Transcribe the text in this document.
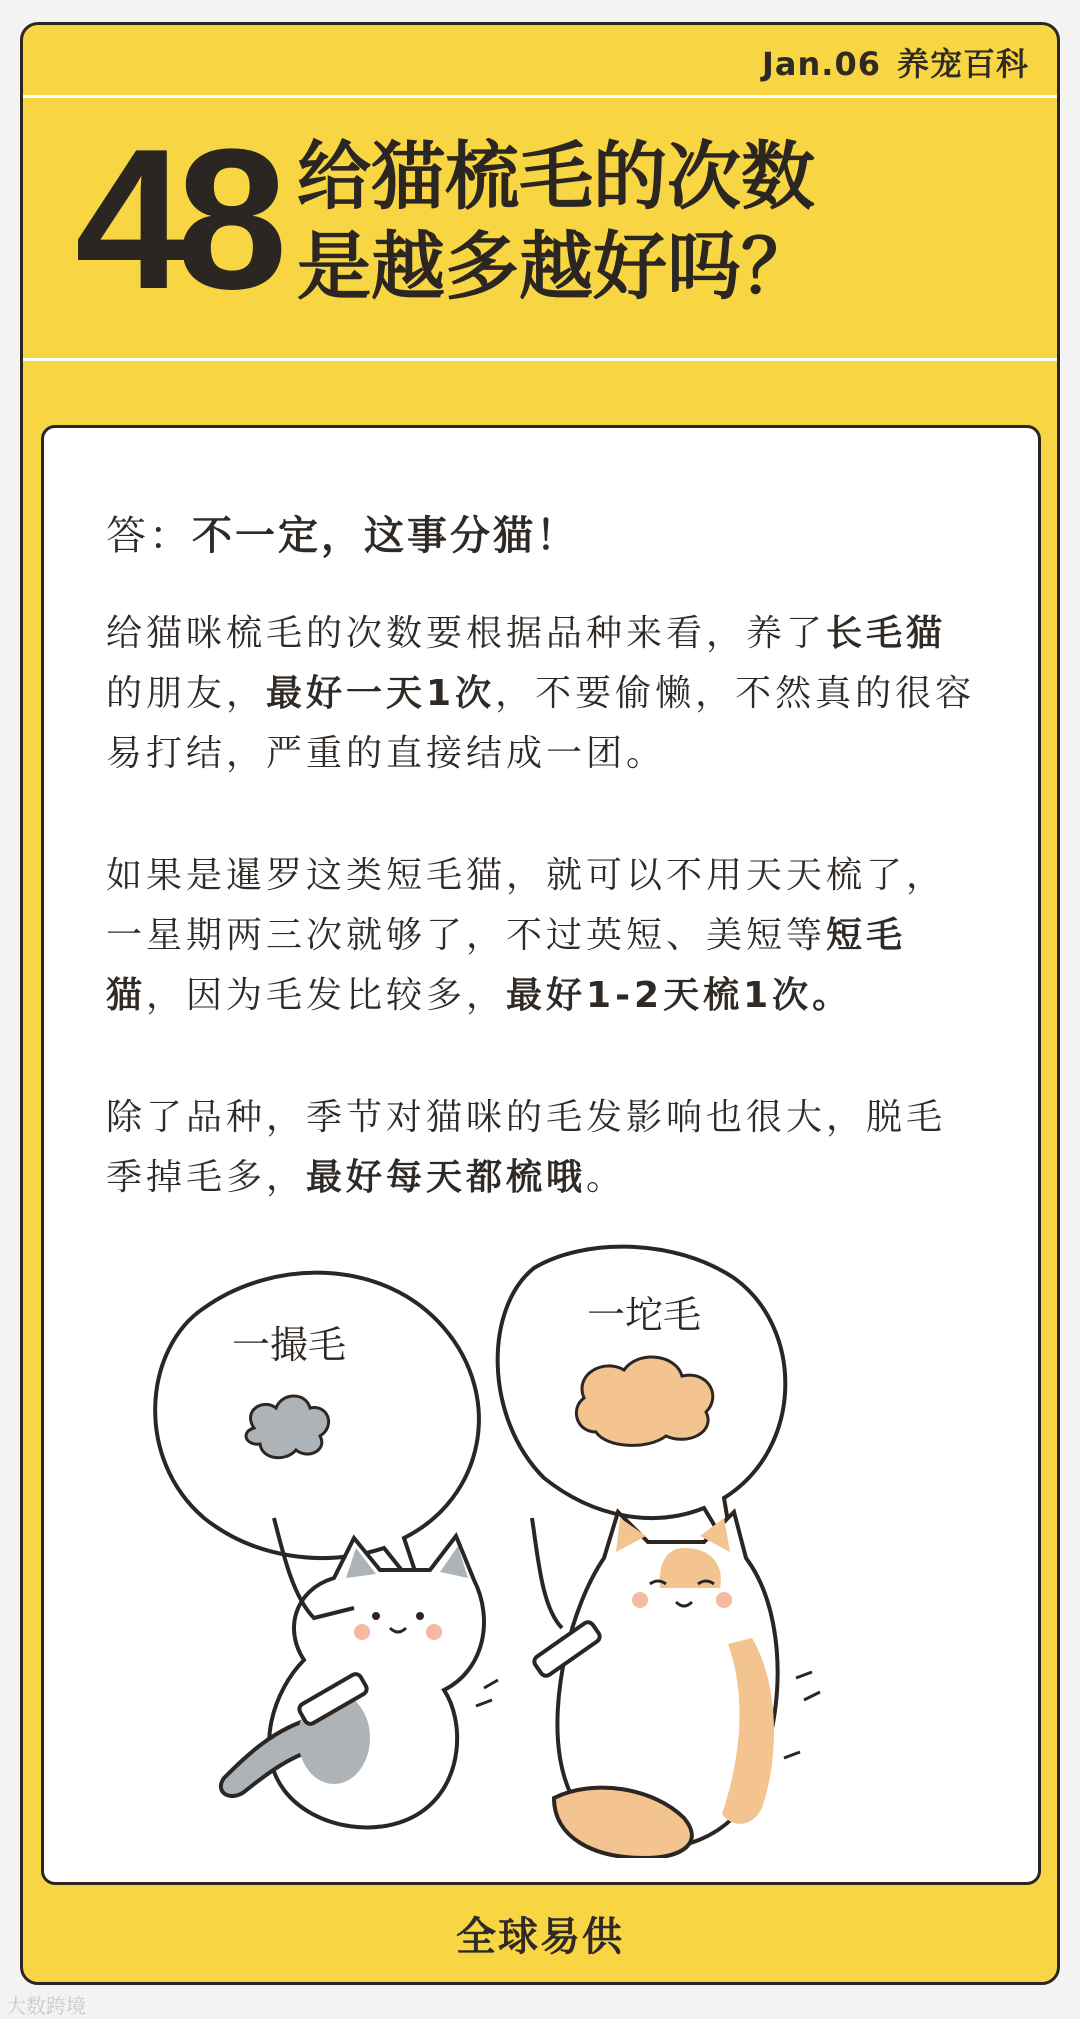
Jan.06 养宠百科
48 给猫梳毛的次数
是越多越好吗？
答：不一定，这事分猫！

给猫咪梳毛的次数要根据品种来看，养了长毛猫的朋友，最好一天1次，不要偷懒，不然真的很容易打结，严重的直接结成一团。

如果是暹罗这类短毛猫，就可以不用天天梳了，一星期两三次就够了，不过英短、美短等短毛猫，因为毛发比较多，最好1-2天梳1次。

除了品种，季节对猫咪的毛发影响也很大，脱毛季掉毛多，最好每天都梳哦。

一撮毛
一坨毛
全球易供
大数跨境
